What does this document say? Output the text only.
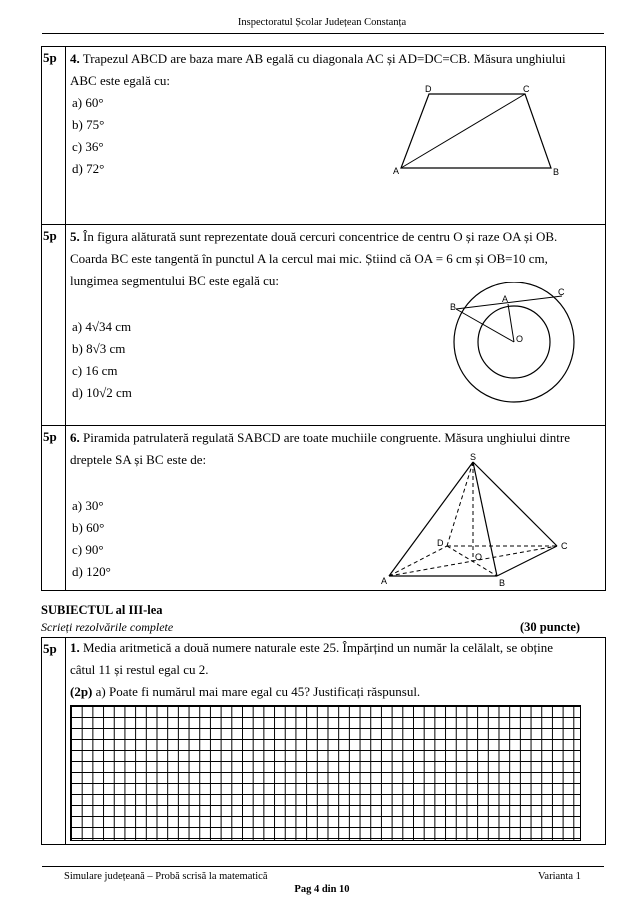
Inspectoratul Școlar Județean Constanța
5p 4. Trapezul ABCD are baza mare AB egală cu diagonala AC și AD=DC=CB. Măsura unghiului
ABC este egală cu:
a) 60°
b) 75°
c) 36°
d) 72°
D	C
A	B
5p 5. În figura alăturată sunt reprezentate două cercuri concentrice de centru O și raze OA și OB.
Coarda BC este tangentă în punctul A la cercul mai mic. Știind că OA = 6 cm și OB=10 cm,
lungimea segmentului BC este egală cu:
a) 4√34 cm
b) 8√3 cm
c) 16 cm
d) 10√2 cm
B
A
C
O
5p 6. Piramida patrulateră regulată SABCD are toate muchiile congruente. Măsura unghiului dintre
dreptele SA și BC este de:
a) 30°
b) 60°
c) 90°
d) 120°
S
D	C
O
A	B
SUBIECTUL al III-lea
Scrieți rezolvările complete	(30 puncte)
5p 1. Media aritmetică a două numere naturale este 25. Împărțind un număr la celălalt, se obține
câtul 11 și restul egal cu 2.
(2p) a) Poate fi numărul mai mare egal cu 45? Justificați răspunsul.
Simulare județeană – Probă scrisă la matematică	Varianta 1
Pag 4 din 10
